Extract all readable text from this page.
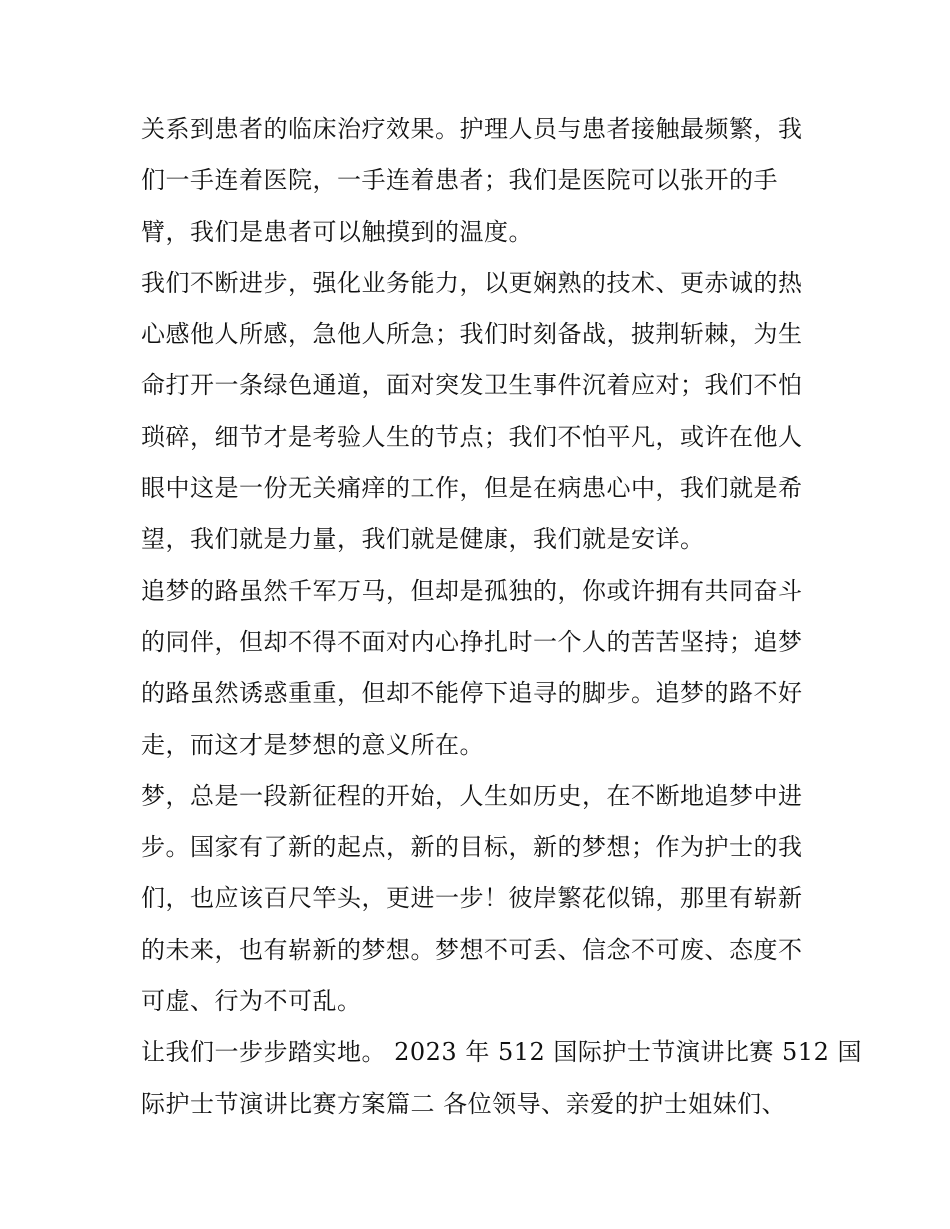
关系到患者的临床治疗效果。护理人员与患者接触最频繁，我
们一手连着医院，一手连着患者；我们是医院可以张开的手
臂，我们是患者可以触摸到的温度。
我们不断进步，强化业务能力，以更娴熟的技术、更赤诚的热
心感他人所感，急他人所急；我们时刻备战，披荆斩棘，为生
命打开一条绿色通道，面对突发卫生事件沉着应对；我们不怕
琐碎，细节才是考验人生的节点；我们不怕平凡，或许在他人
眼中这是一份无关痛痒的工作，但是在病患心中，我们就是希
望，我们就是力量，我们就是健康，我们就是安详。
追梦的路虽然千军万马，但却是孤独的，你或许拥有共同奋斗
的同伴，但却不得不面对内心挣扎时一个人的苦苦坚持；追梦
的路虽然诱惑重重，但却不能停下追寻的脚步。追梦的路不好
走，而这才是梦想的意义所在。
梦，总是一段新征程的开始，人生如历史，在不断地追梦中进
步。国家有了新的起点，新的目标，新的梦想；作为护士的我
们，也应该百尺竿头，更进一步！彼岸繁花似锦，那里有崭新
的未来，也有崭新的梦想。梦想不可丢、信念不可废、态度不
可虚、行为不可乱。
让我们一步步踏实地。 2023 年 512 国际护士节演讲比赛 512 国
际护士节演讲比赛方案篇二 各位领导、亲爱的护士姐妹们、
